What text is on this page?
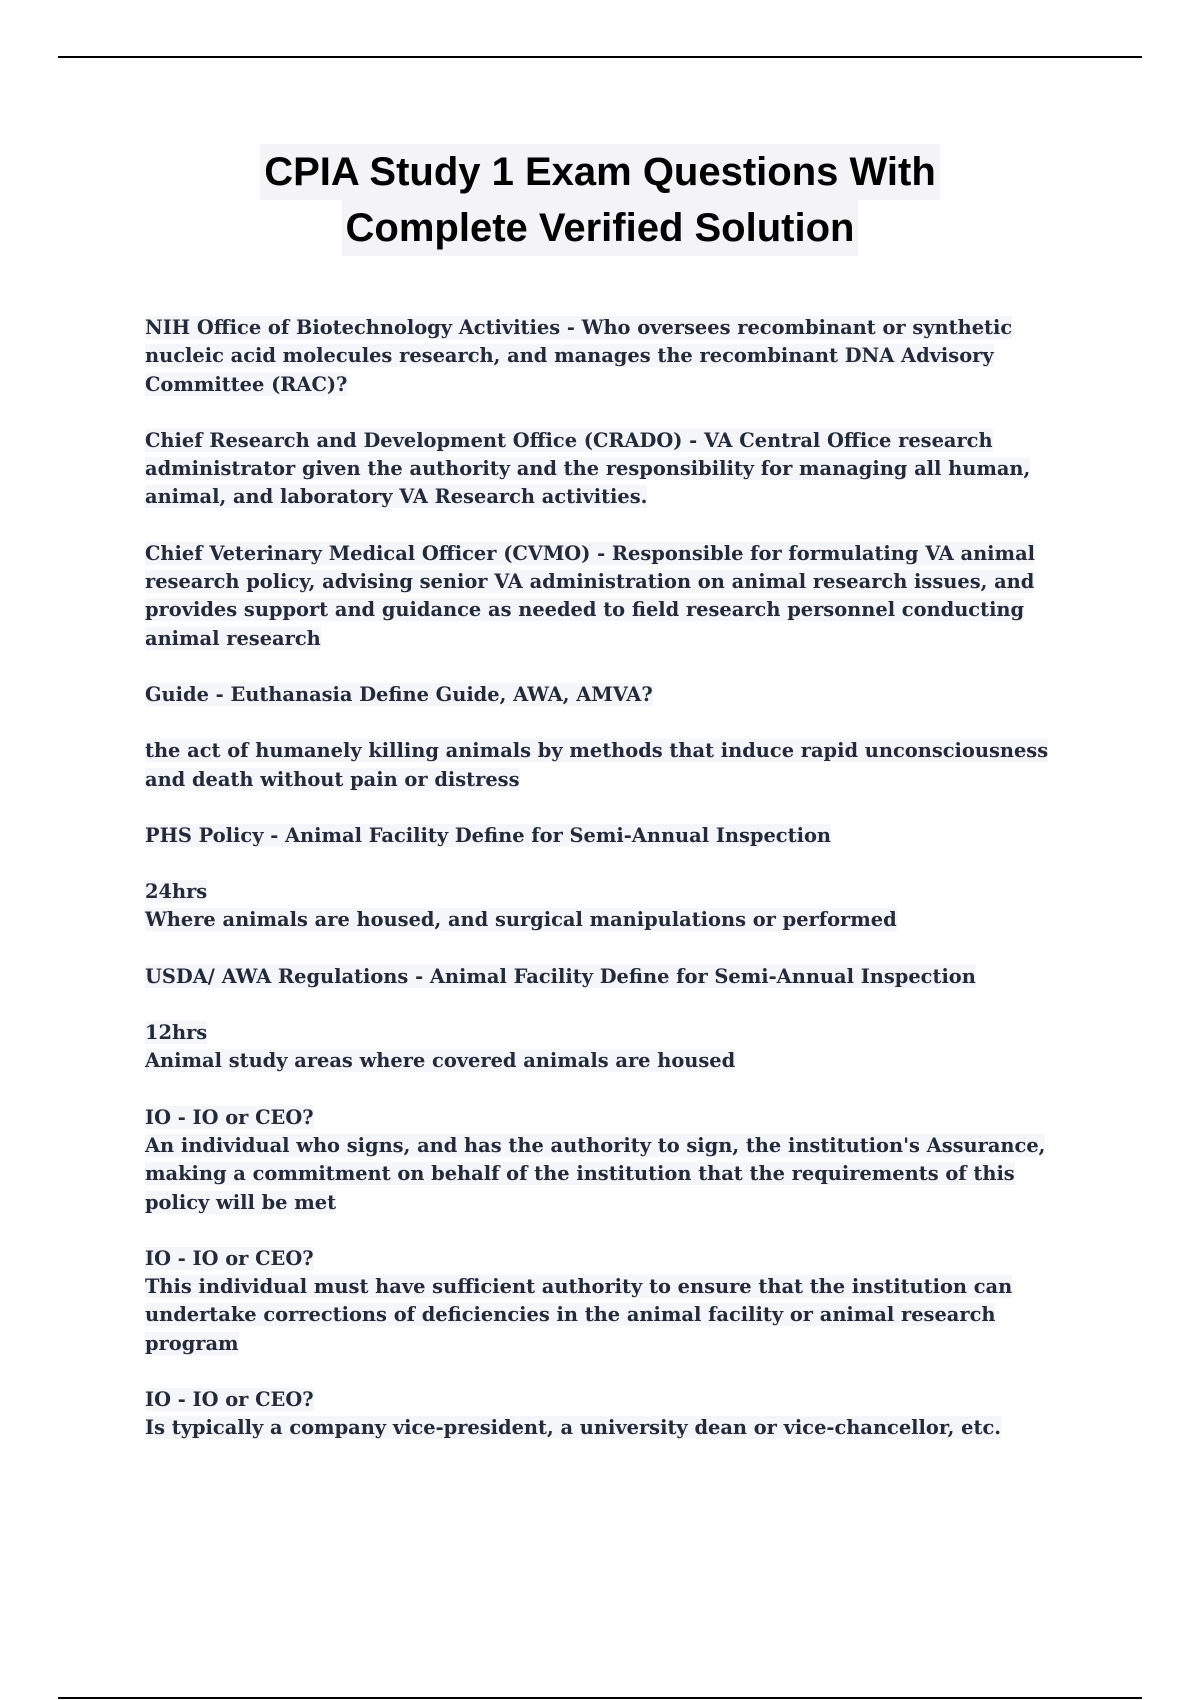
CPIA Study 1 Exam Questions With
Complete Verified Solution
NIH Office of Biotechnology Activities - Who oversees recombinant or synthetic
nucleic acid molecules research, and manages the recombinant DNA Advisory
Committee (RAC)?
Chief Research and Development Office (CRADO) - VA Central Office research
administrator given the authority and the responsibility for managing all human,
animal, and laboratory VA Research activities.
Chief Veterinary Medical Officer (CVMO) - Responsible for formulating VA animal
research policy, advising senior VA administration on animal research issues, and
provides support and guidance as needed to field research personnel conducting
animal research
Guide - Euthanasia Define Guide, AWA, AMVA?
the act of humanely killing animals by methods that induce rapid unconsciousness
and death without pain or distress
PHS Policy - Animal Facility Define for Semi-Annual Inspection
24hrs
Where animals are housed, and surgical manipulations or performed
USDA/ AWA Regulations - Animal Facility Define for Semi-Annual Inspection
12hrs
Animal study areas where covered animals are housed
IO - IO or CEO?
An individual who signs, and has the authority to sign, the institution's Assurance,
making a commitment on behalf of the institution that the requirements of this
policy will be met
IO - IO or CEO?
This individual must have sufficient authority to ensure that the institution can
undertake corrections of deficiencies in the animal facility or animal research
program
IO - IO or CEO?
Is typically a company vice-president, a university dean or vice-chancellor, etc.
